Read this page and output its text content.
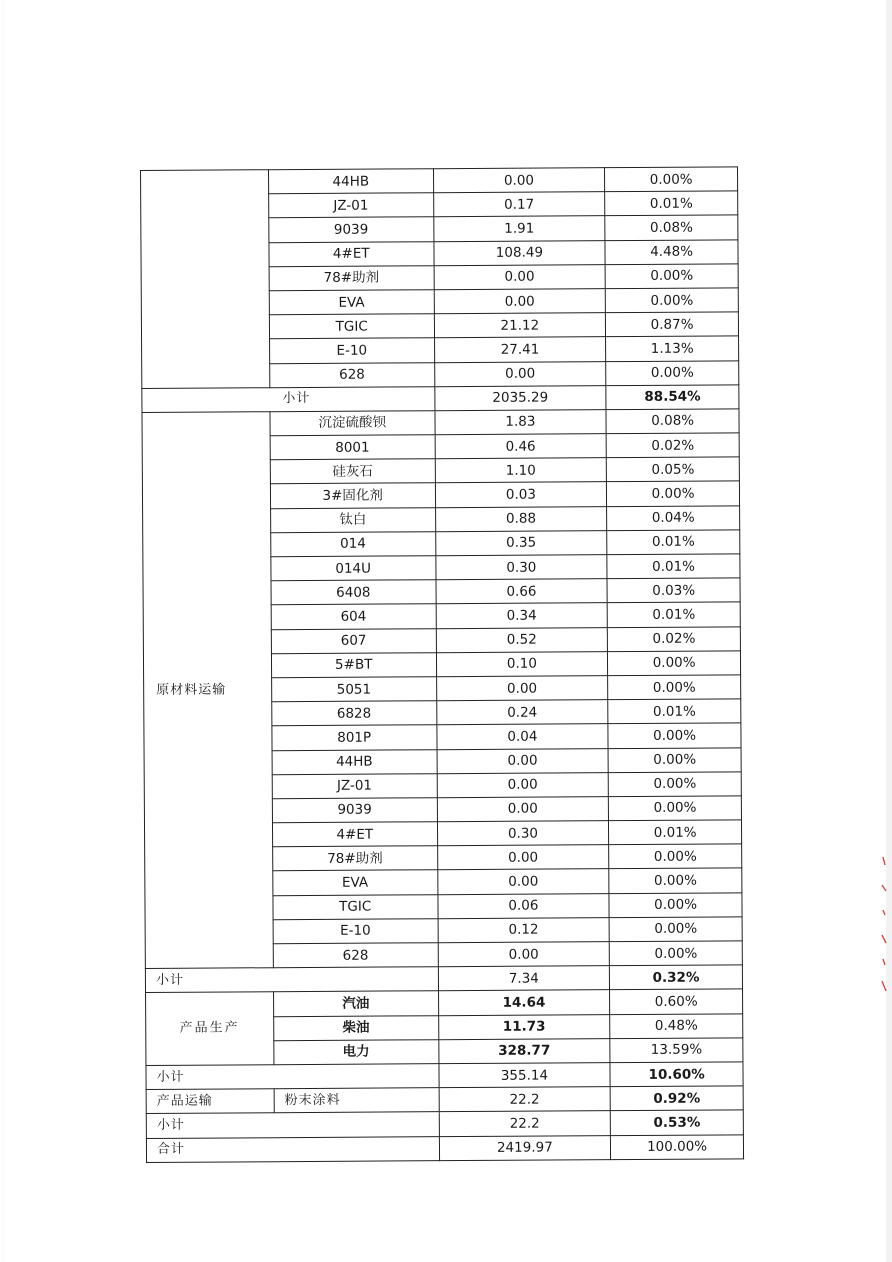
	44HB	0.00	0.00%
	JZ-01	0.17	0.01%
	9039	1.91	0.08%
	4#ET	108.49	4.48%
	78#助剂	0.00	0.00%
	EVA	0.00	0.00%
	TGIC	21.12	0.87%
	E-10	27.41	1.13%
	628	0.00	0.00%
小计		2035.29	88.54%
原材料运输	沉淀硫酸钡	1.83	0.08%
	8001	0.46	0.02%
	硅灰石	1.10	0.05%
	3#固化剂	0.03	0.00%
	钛白	0.88	0.04%
	014	0.35	0.01%
	014U	0.30	0.01%
	6408	0.66	0.03%
	604	0.34	0.01%
	607	0.52	0.02%
	5#BT	0.10	0.00%
	5051	0.00	0.00%
	6828	0.24	0.01%
	801P	0.04	0.00%
	44HB	0.00	0.00%
	JZ-01	0.00	0.00%
	9039	0.00	0.00%
	4#ET	0.30	0.01%
	78#助剂	0.00	0.00%
	EVA	0.00	0.00%
	TGIC	0.06	0.00%
	E-10	0.12	0.00%
	628	0.00	0.00%
小计		7.34	0.32%
产品生产	汽油	14.64	0.60%
	柴油	11.73	0.48%
	电力	328.77	13.59%
小计		355.14	10.60%
产品运输	粉末涂料	22.2	0.92%
小计		22.2	0.53%
合计		2419.97	100.00%
